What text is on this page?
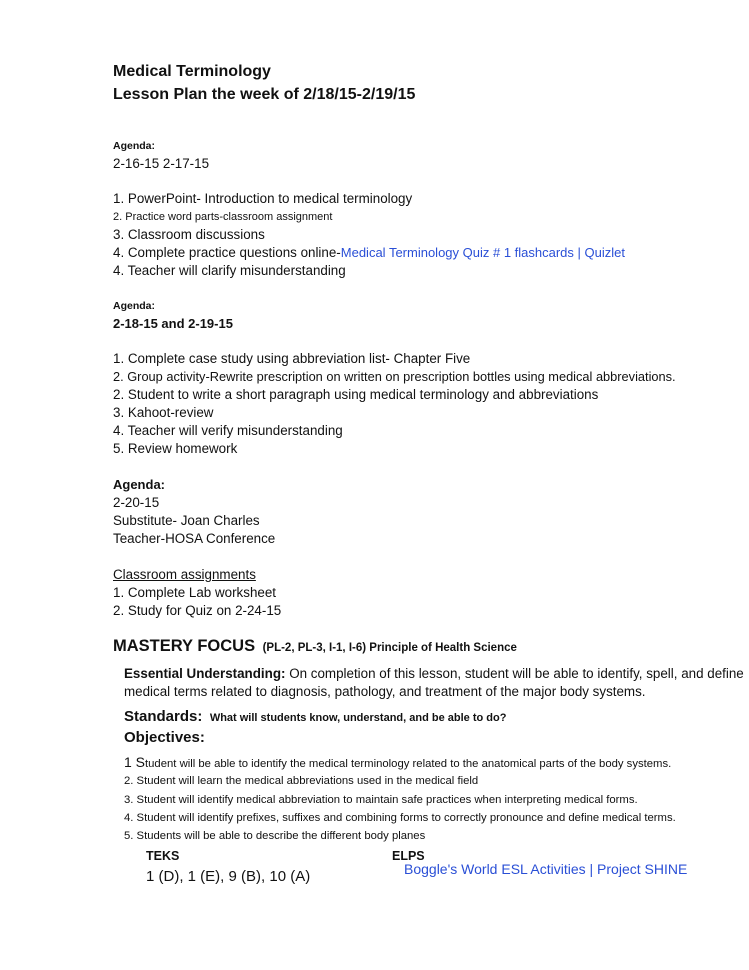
Medical Terminology
Lesson Plan the week of 2/18/15-2/19/15
Agenda:
2-16-15 2-17-15
1. PowerPoint- Introduction to medical terminology
2. Practice word parts-classroom assignment
3. Classroom discussions
4. Complete practice questions online-Medical Terminology Quiz # 1 flashcards | Quizlet
4. Teacher will clarify misunderstanding
Agenda:
2-18-15 and 2-19-15
1. Complete case study using abbreviation list- Chapter Five
2. Group activity-Rewrite prescription on written on prescription bottles using medical abbreviations.
2. Student to write a short paragraph using medical terminology and abbreviations
3. Kahoot-review
4. Teacher will verify misunderstanding
5. Review homework
Agenda:
2-20-15
Substitute- Joan Charles
Teacher-HOSA Conference
Classroom assignments
1. Complete Lab worksheet
2. Study for Quiz on 2-24-15
MASTERY FOCUS (PL-2, PL-3, I-1, I-6) Principle of Health Science
Essential Understanding: On completion of this lesson, student will be able to identify, spell, and define
medical terms related to diagnosis, pathology, and treatment of the major body systems.
Standards: What will students know, understand, and be able to do?
Objectives:
1 Student will be able to identify the medical terminology related to the anatomical parts of the body systems.
2. Student will learn the medical abbreviations used in the medical field
3. Student will identify medical abbreviation to maintain safe practices when interpreting medical forms.
4. Student will identify prefixes, suffixes and combining forms to correctly pronounce and define medical terms.
5. Students will be able to describe the different body planes
TEKS
1 (D), 1 (E), 9 (B), 10 (A)
ELPS
Boggle's World ESL Activities | Project SHINE
